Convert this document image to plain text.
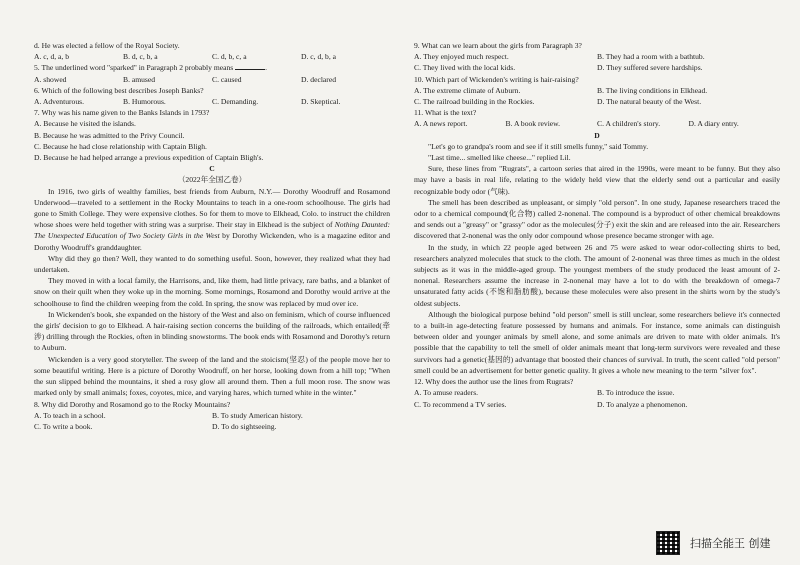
d. He was elected a fellow of the Royal Society.

A. c, d, a, b	B. d, c, b, a	C. d, b, c, a	D. c, d, b, a

5. The underlined word "sparked" in Paragraph 2 probably means	.

A. showed	B. amused	C. caused	D. declared

6. Which of the following best describes Joseph Banks?

A. Adventurous.	B. Humorous.	C. Demanding.	D. Skeptical.

7. Why was his name given to the Banks Islands in 1793?

A. Because he visited the islands.

B. Because he was admitted to the Privy Council.

C. Because he had close relationship with Captain Bligh.

D. Because he had helped arrange a previous expedition of Captain Bligh's.

C

（2022年全国乙卷）

In 1916, two girls of wealthy families, best friends from Auburn, N.Y.— Dorothy Woodruff and Rosamond Underwood—traveled to a settlement in the Rocky Mountains to teach in a one-room schoolhouse. The girls had gone to Smith College. They were expensive clothes. So for them to move to Elkhead, Colo. to instruct the children whose shoes were held together with string was a surprise. Their stay in Elkhead is the subject of Nothing Daunted: The Unexpected Education of Two Society Girls in the West by Dorothy Wickenden, who is a magazine editor and Dorothy Woodruff's granddaughter.

Why did they go then? Well, they wanted to do something useful. Soon, however, they realized what they had undertaken.

They moved in with a local family, the Harrisons, and, like them, had little privacy, rare baths, and a blanket of snow on their quilt when they woke up in the morning. Some mornings, Rosamond and Dorothy would arrive at the schoolhouse to find the children weeping from the cold. In spring, the snow was replaced by mud over ice.

In Wickenden's book, she expanded on the history of the West and also on feminism, which of course influenced the girls' decision to go to Elkhead. A hair-raising section concerns the building of the railroads, which entailed(牵涉) drilling through the Rockies, often in blinding snowstorms. The book ends with Rosamond and Dorothy's return to Auburn.

Wickenden is a very good storyteller. The sweep of the land and the stoicism(坚忍) of the people move her to some beautiful writing. Here is a picture of Dorothy Woodruff, on her horse, looking down from a hill top; "When the sun slipped behind the mountains, it shed a rosy glow all around them. Then a full moon rose. The snow was marked only by small animals; foxes, coyotes, mice, and varying hares, which turned white in the winter."

8. Why did Dorothy and Rosamond go to the Rocky Mountains?

A. To teach in a school.	B. To study American history.
C. To write a book.	D. To do sightseeing.

9. What can we learn about the girls from Paragraph 3?

A. They enjoyed much respect.	B. They had a room with a bathtub.
C. They lived with the local kids.	D. They suffered severe hardships.

10. Which part of Wickenden's writing is hair-raising?

A. The extreme climate of Auburn.	B. The living conditions in Elkhead.
C. The railroad building in the Rockies.	D. The natural beauty of the West.

11. What is the text?

A. A news report.	B. A book review.	C. A children's story.	D. A diary entry.

D

"Let's go to grandpa's room and see if it still smells funny," said Tommy.

"Last time... smelled like cheese..." replied Lil.

Sure, these lines from "Rugrats", a cartoon series that aired in the 1990s, were meant to be funny. But they also may have a basis in real life, relating to the widely held view that the elderly send out a particular and easily recognizable body odor (气味).

The smell has been described as unpleasant, or simply "old person". In one study, Japanese researchers traced the odor to a chemical compound(化合物) called 2-nonenal. The compound is a byproduct of other chemical breakdowns and sends out a "greasy" or "grassy" odor as the molecules(分子) exit the skin and are released into the air. Researchers discovered that 2-nonenal was the only odor compound whose presence became stronger with age.

In the study, in which 22 people aged between 26 and 75 were asked to wear odor-collecting shirts to bed, researchers analyzed molecules that stuck to the cloth. The amount of 2-nonenal was three times as much in the oldest subjects as it was in the middle-aged group. The youngest members of the study produced the least amount of 2-nonenal. Researchers assume the increase in 2-nonenal may have a lot to do with the breakdown of omega-7 unsaturated fatty acids (不饱和脂肪酸), because these molecules were also present in the shirts worn by the study's oldest subjects.

Although the biological purpose behind "old person" smell is still unclear, some researchers believe it's connected to a built-in age-detecting feature possessed by humans and animals. For instance, some animals can distinguish between older and younger animals by smell alone, and some animals are driven to mate with older animals. It's possible that the capability to tell the smell of older animals meant that long-term survivors were revealed and these survivors had a genetic(基因的) advantage that boosted their chances of survival. In truth, the scent called "old person" smell could be an advertisement for better genetic quality. It gives a whole new meaning to the term "silver fox".

12. Why does the author use the lines from Rugrats?

A. To amuse readers.	B. To introduce the issue.
C. To recommend a TV series.	D. To analyze a phenomenon.
扫描全能王 创建
